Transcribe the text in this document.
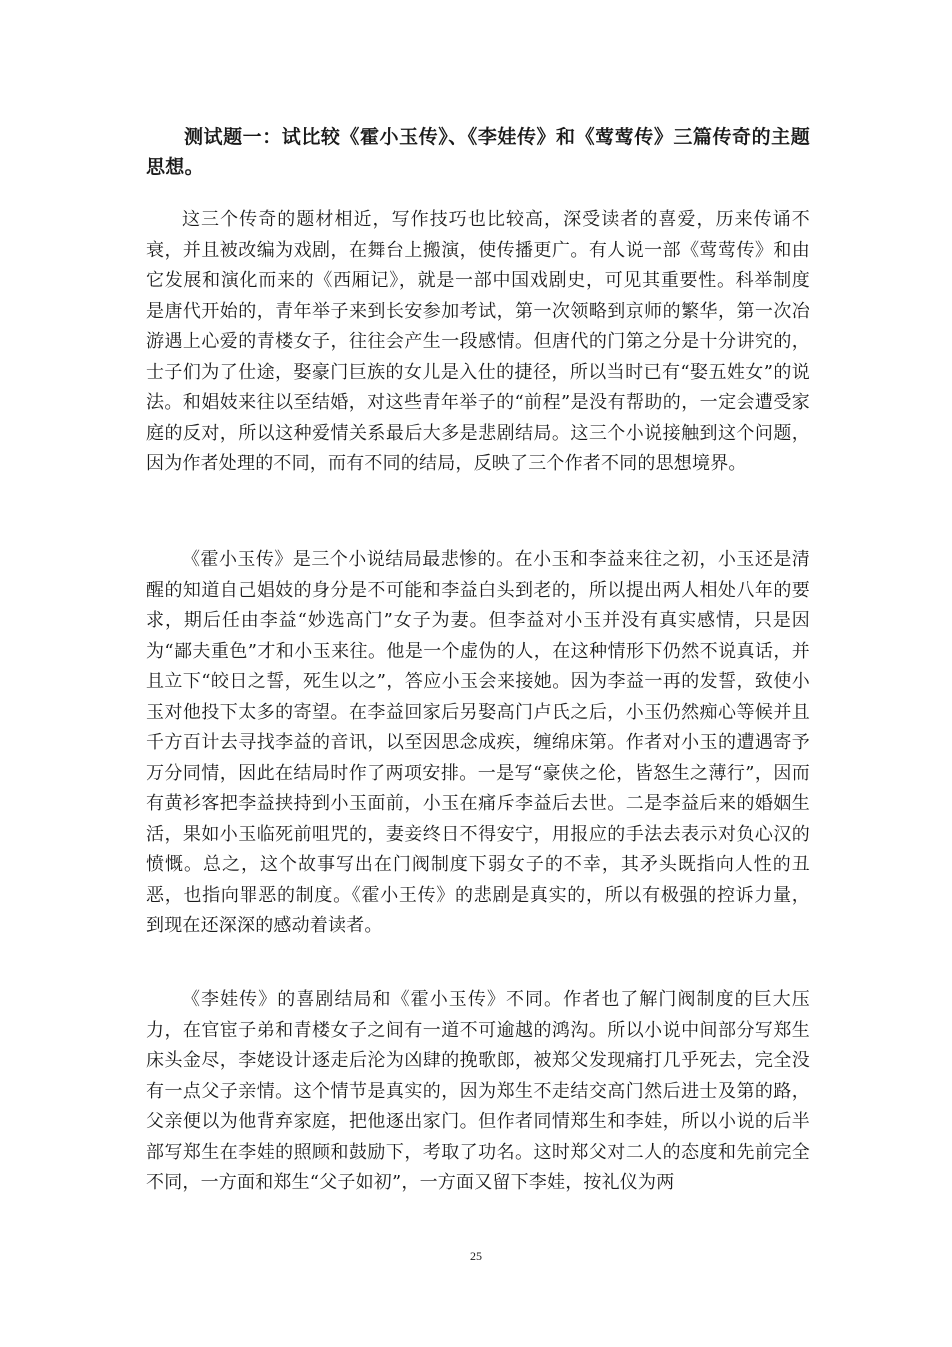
测试题一：试比较《霍小玉传》、《李娃传》和《莺莺传》三篇传奇的主题思想。

这三个传奇的题材相近，写作技巧也比较高，深受读者的喜爱，历来传诵不衰，并且被改编为戏剧，在舞台上搬演，使传播更广。有人说一部《莺莺传》和由它发展和演化而来的《西厢记》，就是一部中国戏剧史，可见其重要性。科举制度是唐代开始的，青年举子来到长安参加考试，第一次领略到京师的繁华，第一次冶游遇上心爱的青楼女子，往往会产生一段感情。但唐代的门第之分是十分讲究的，士子们为了仕途，娶豪门巨族的女儿是入仕的捷径，所以当时已有“娶五姓女”的说法。和娼妓来往以至结婚，对这些青年举子的“前程”是没有帮助的，一定会遭受家庭的反对，所以这种爱情关系最后大多是悲剧结局。这三个小说接触到这个问题，因为作者处理的不同，而有不同的结局，反映了三个作者不同的思想境界。

《霍小玉传》是三个小说结局最悲惨的。在小玉和李益来往之初，小玉还是清醒的知道自己娼妓的身分是不可能和李益白头到老的，所以提出两人相处八年的要求，期后任由李益“妙选高门”女子为妻。但李益对小玉并没有真实感情，只是因为“鄙夫重色”才和小玉来往。他是一个虚伪的人，在这种情形下仍然不说真话，并且立下“皎日之誓，死生以之”，答应小玉会来接她。因为李益一再的发誓，致使小玉对他投下太多的寄望。在李益回家后另娶高门卢氏之后，小玉仍然痴心等候并且千方百计去寻找李益的音讯，以至因思念成疾，缠绵床第。作者对小玉的遭遇寄予万分同情，因此在结局时作了两项安排。一是写“豪侠之伦，皆怒生之薄行”，因而有黄衫客把李益挟持到小玉面前，小玉在痛斥李益后去世。二是李益后来的婚姻生活，果如小玉临死前咀咒的，妻妾终日不得安宁，用报应的手法去表示对负心汉的愤慨。总之，这个故事写出在门阀制度下弱女子的不幸，其矛头既指向人性的丑恶，也指向罪恶的制度。《霍小王传》的悲剧是真实的，所以有极强的控诉力量，到现在还深深的感动着读者。

《李娃传》的喜剧结局和《霍小玉传》不同。作者也了解门阀制度的巨大压力，在官宦子弟和青楼女子之间有一道不可逾越的鸿沟。所以小说中间部分写郑生床头金尽，李姥设计逐走后沦为凶肆的挽歌郎，被郑父发现痛打几乎死去，完全没有一点父子亲情。这个情节是真实的，因为郑生不走结交高门然后进士及第的路，父亲便以为他背弃家庭，把他逐出家门。但作者同情郑生和李娃，所以小说的后半部写郑生在李娃的照顾和鼓励下，考取了功名。这时郑父对二人的态度和先前完全不同，一方面和郑生“父子如初”，一方面又留下李娃，按礼仪为两

25
